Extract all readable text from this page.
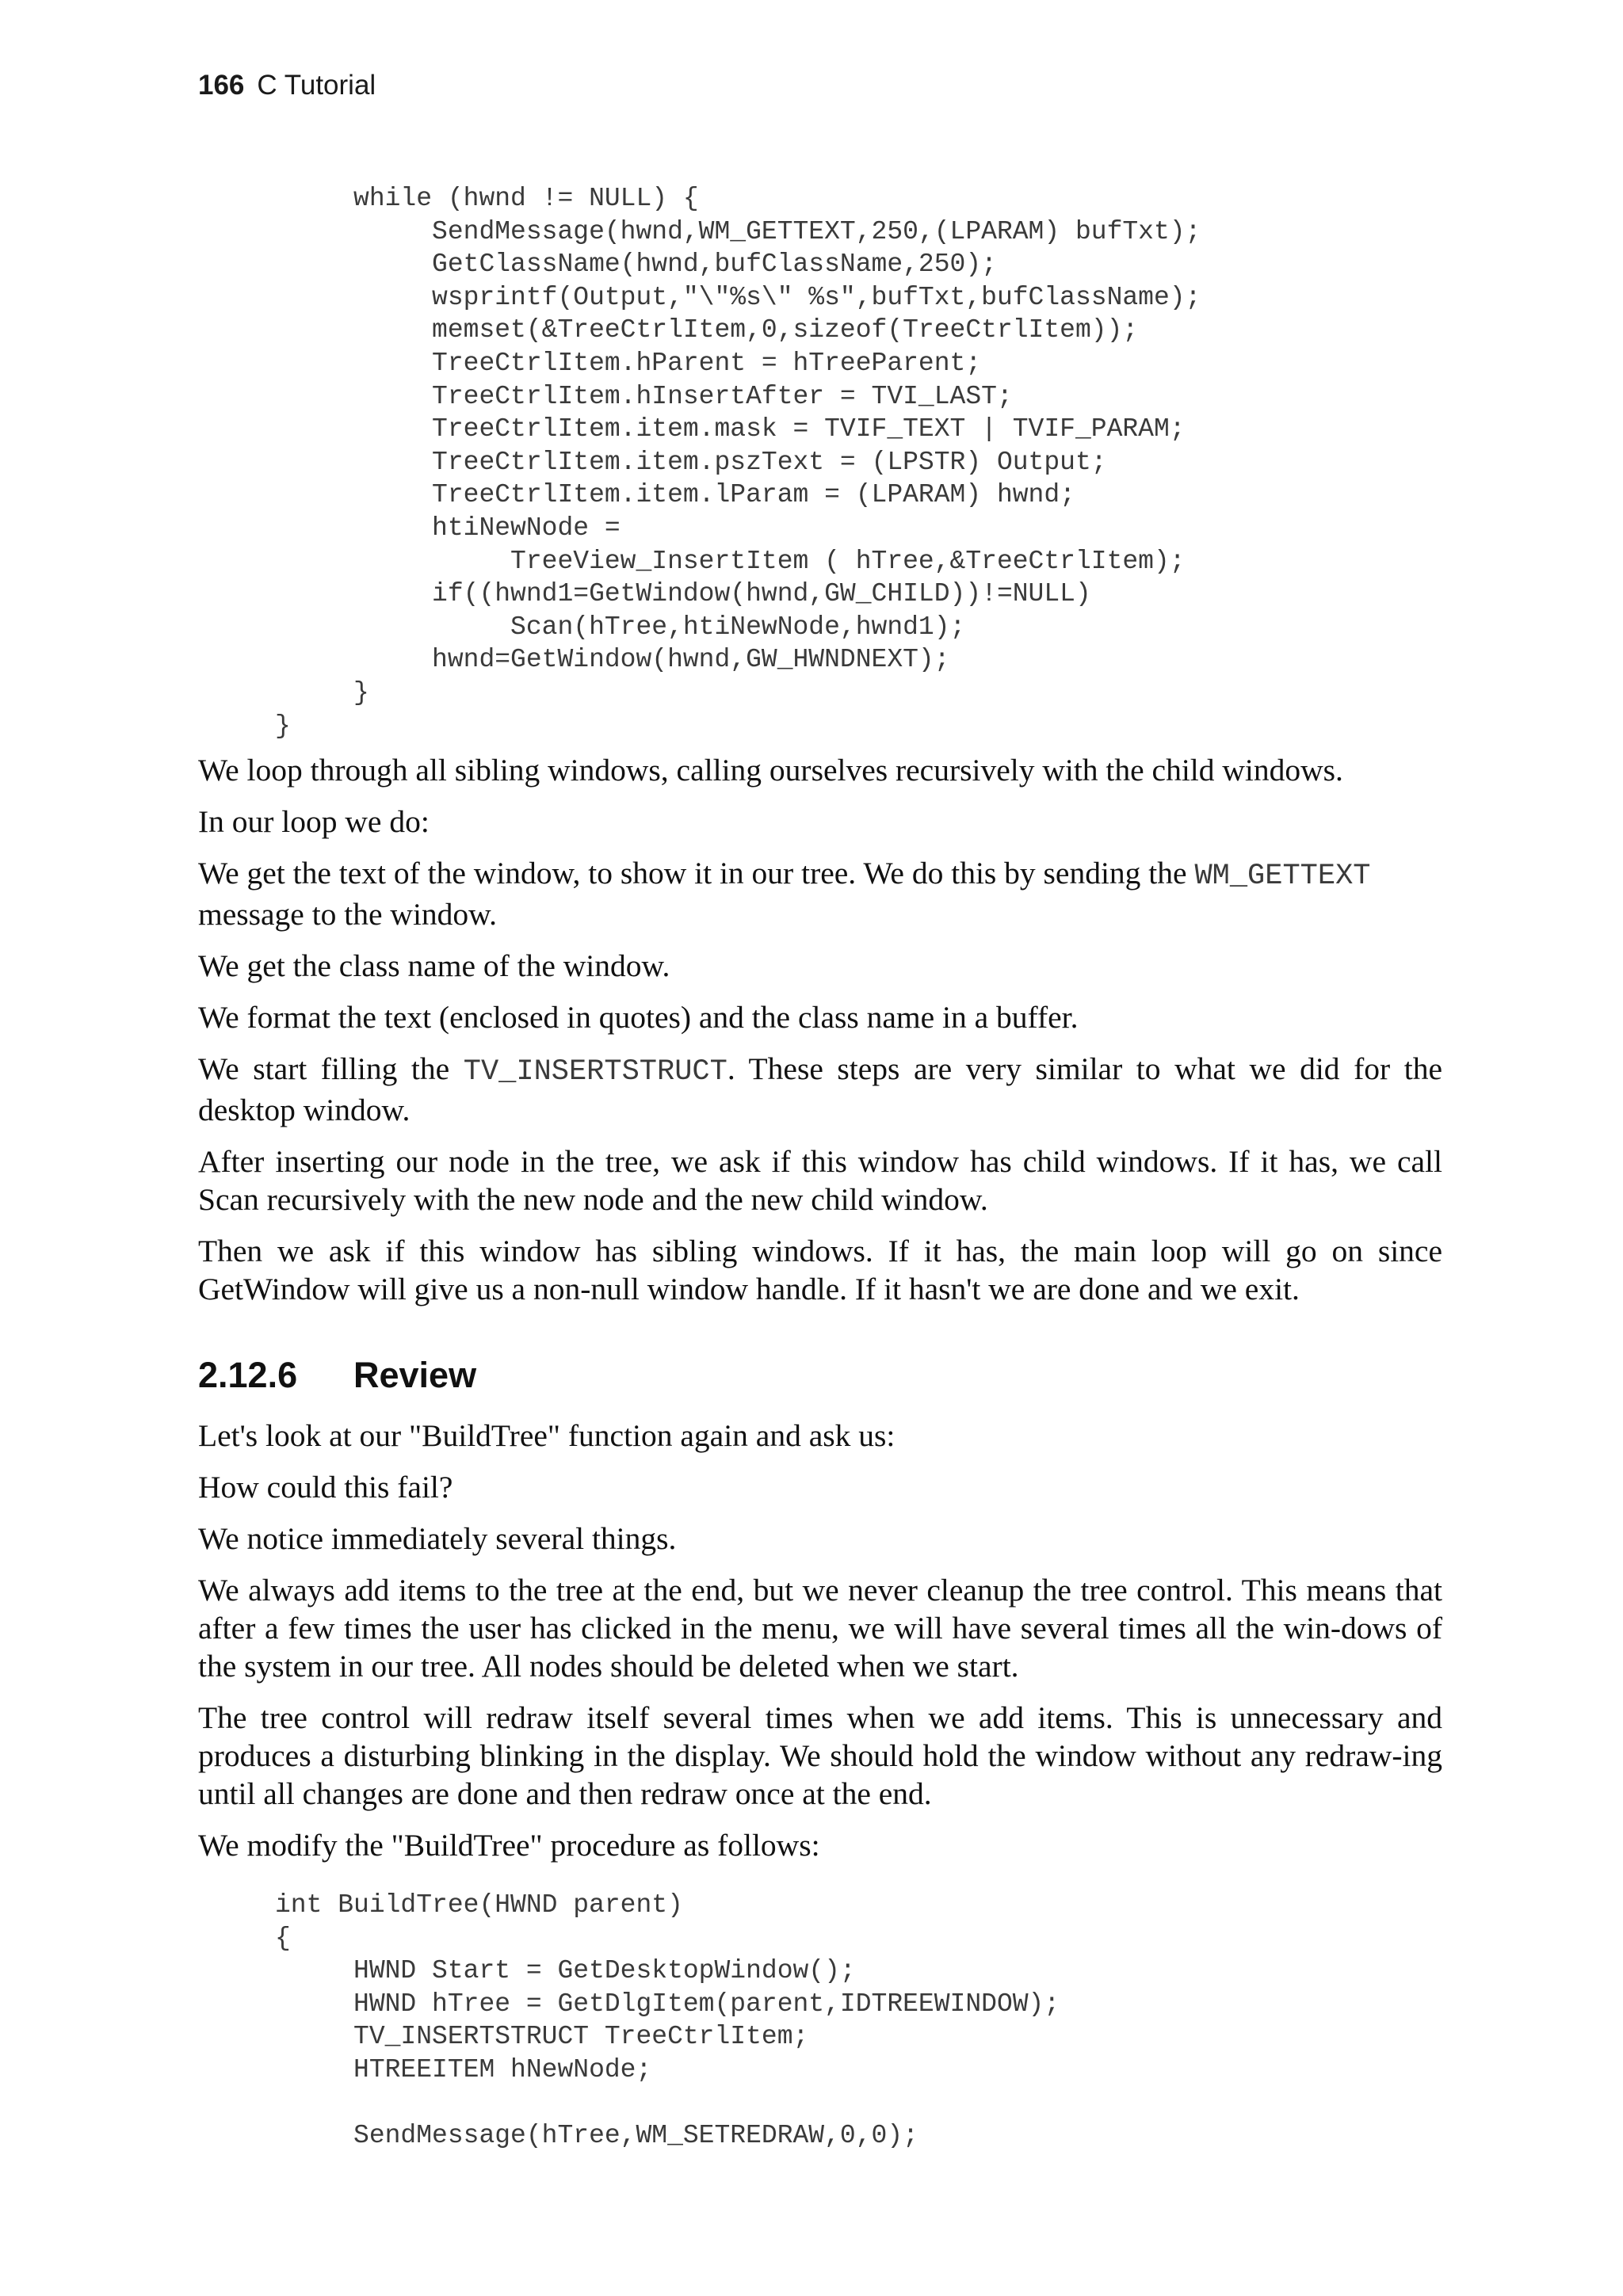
166 C Tutorial
while (hwnd != NULL) {
SendMessage(hwnd,WM_GETTEXT,250,(LPARAM) bufTxt);
GetClassName(hwnd,bufClassName,250);
wsprintf(Output,"\"%s\" %s",bufTxt,bufClassName);
memset(&TreeCtrlItem,0,sizeof(TreeCtrlItem));
TreeCtrlItem.hParent = hTreeParent;
TreeCtrlItem.hInsertAfter = TVI_LAST;
TreeCtrlItem.item.mask = TVIF_TEXT | TVIF_PARAM;
TreeCtrlItem.item.pszText = (LPSTR) Output;
TreeCtrlItem.item.lParam = (LPARAM) hwnd;
htiNewNode =
TreeView_InsertItem ( hTree,&TreeCtrlItem);
if((hwnd1=GetWindow(hwnd,GW_CHILD))!=NULL)
Scan(hTree,htiNewNode,hwnd1);
hwnd=GetWindow(hwnd,GW_HWNDNEXT);
}
}

We loop through all sibling windows, calling ourselves recursively with the child windows.

In our loop we do:

We get the text of the window, to show it in our tree. We do this by sending the WM_GETTEXT message to the window.

We get the class name of the window.

We format the text (enclosed in quotes) and the class name in a buffer.

We start filling the TV_INSERTSTRUCT. These steps are very similar to what we did for the desktop window.

After inserting our node in the tree, we ask if this window has child windows. If it has, we call Scan recursively with the new node and the new child window.

Then we ask if this window has sibling windows. If it has, the main loop will go on since GetWindow will give us a non-null window handle. If it hasn't we are done and we exit.

2.12.6 Review

Let's look at our "BuildTree" function again and ask us:

How could this fail?

We notice immediately several things.

We always add items to the tree at the end, but we never cleanup the tree control. This means that after a few times the user has clicked in the menu, we will have several times all the win-dows of the system in our tree. All nodes should be deleted when we start.

The tree control will redraw itself several times when we add items. This is unnecessary and produces a disturbing blinking in the display. We should hold the window without any redraw-ing until all changes are done and then redraw once at the end.

We modify the "BuildTree" procedure as follows:

int BuildTree(HWND parent)
{
HWND Start = GetDesktopWindow();
HWND hTree = GetDlgItem(parent,IDTREEWINDOW);
TV_INSERTSTRUCT TreeCtrlItem;
HTREEITEM hNewNode;

SendMessage(hTree,WM_SETREDRAW,0,0);
